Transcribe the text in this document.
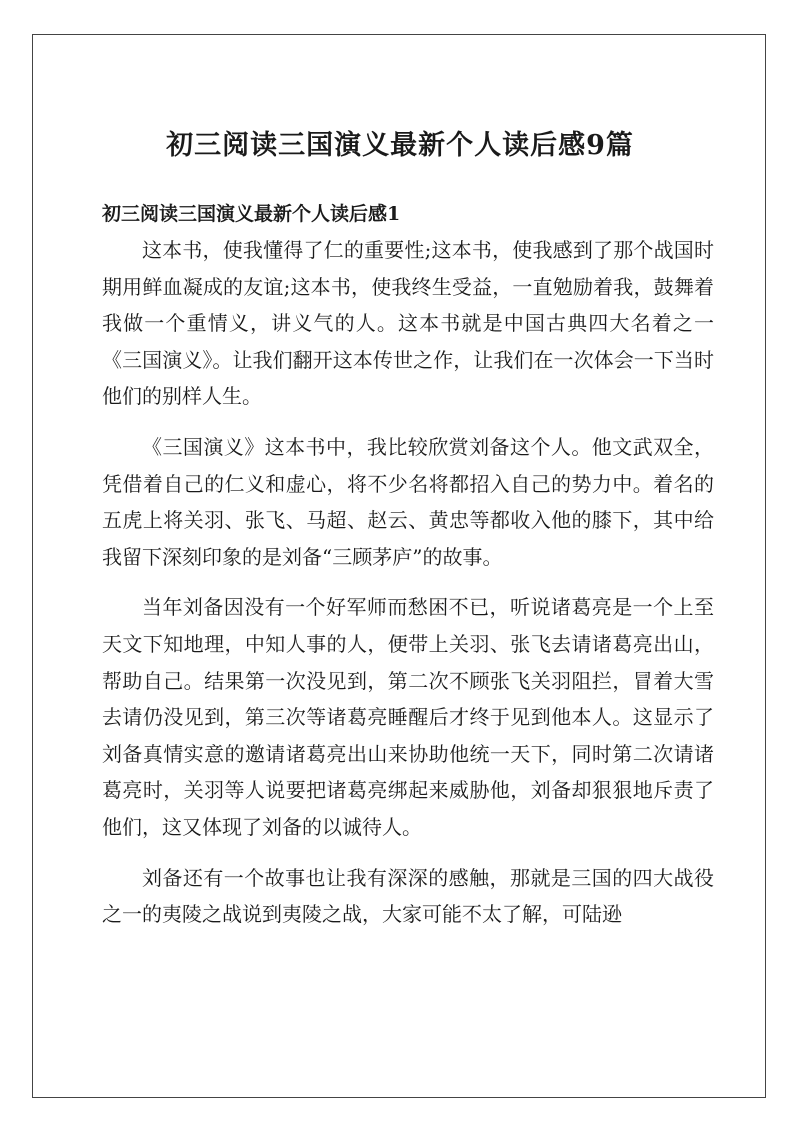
初三阅读三国演义最新个人读后感9篇
初三阅读三国演义最新个人读后感1

这本书，使我懂得了仁的重要性;这本书，使我感到了那个战国时期用鲜血凝成的友谊;这本书，使我终生受益，一直勉励着我，鼓舞着我做一个重情义，讲义气的人。这本书就是中国古典四大名着之一《三国演义》。让我们翻开这本传世之作，让我们在一次体会一下当时他们的别样人生。

《三国演义》这本书中，我比较欣赏刘备这个人。他文武双全，凭借着自己的仁义和虚心，将不少名将都招入自己的势力中。着名的五虎上将关羽、张飞、马超、赵云、黄忠等都收入他的膝下，其中给我留下深刻印象的是刘备“三顾茅庐”的故事。

当年刘备因没有一个好军师而愁困不已，听说诸葛亮是一个上至天文下知地理，中知人事的人，便带上关羽、张飞去请诸葛亮出山，帮助自己。结果第一次没见到，第二次不顾张飞关羽阻拦，冒着大雪去请仍没见到，第三次等诸葛亮睡醒后才终于见到他本人。这显示了刘备真情实意的邀请诸葛亮出山来协助他统一天下，同时第二次请诸葛亮时，关羽等人说要把诸葛亮绑起来威胁他，刘备却狠狠地斥责了他们，这又体现了刘备的以诚待人。

刘备还有一个故事也让我有深深的感触，那就是三国的四大战役之一的夷陵之战说到夷陵之战，大家可能不太了解，可陆逊
